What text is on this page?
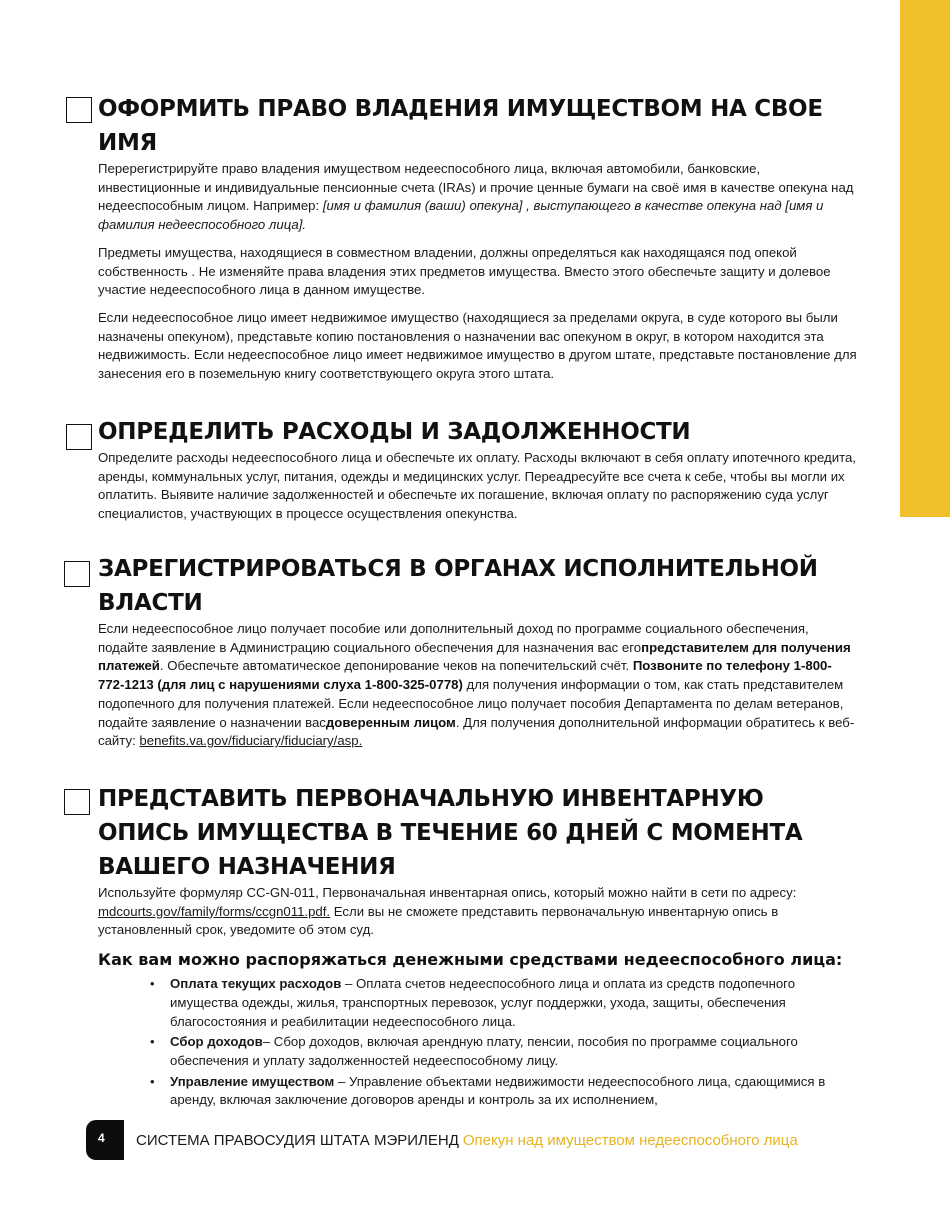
ОФОРМИТЬ ПРАВО ВЛАДЕНИЯ ИМУЩЕСТВОМ НА СВОЕ ИМЯ

Перерегистрируйте право владения имуществом недееспособного лица, включая автомобили, банковские, инвестиционные и индивидуальные пенсионные счета (IRAs) и прочие ценные бумаги на своё имя в качестве опекуна над недееспособным лицом. Например: [имя и фамилия (ваши) опекуна] , выступающего в качестве опекуна над [имя и фамилия недееспособного лица].

Предметы имущества, находящиеся в совместном владении, должны определяться как находящаяся под опекой собственность . Не изменяйте права владения этих предметов имущества. Вместо этого обеспечьте защиту и долевое участие недееспособного лица в данном имуществе.

Если недееспособное лицо имеет недвижимое имущество (находящиеся за пределами округа, в суде которого вы были назначены опекуном), представьте копию постановления о назначении вас опекуном в округ, в котором находится эта недвижимость. Если недееспособное лицо имеет недвижимое имущество в другом штате, представьте постановление для занесения его в поземельную книгу соответствующего округа этого штата.

ОПРЕДЕЛИТЬ РАСХОДЫ И ЗАДОЛЖЕННОСТИ

Определите расходы недееспособного лица и обеспечьте их оплату. Расходы включают в себя оплату ипотечного кредита, аренды, коммунальных услуг, питания, одежды и медицинских услуг. Переадресуйте все счета к себе, чтобы вы могли их оплатить. Выявите наличие задолженностей и обеспечьте их погашение, включая оплату по распоряжению суда услуг специалистов, участвующих в процессе осуществления опекунства.

ЗАРЕГИСТРИРОВАТЬСЯ В ОРГАНАХ ИСПОЛНИТЕЛЬНОЙ ВЛАСТИ

Если недееспособное лицо получает пособие или дополнительный доход по программе социального обеспечения, подайте заявление в Администрацию социального обеспечения для назначения вас егопредставителем для получения платежей. Обеспечьте автоматическое депонирование чеков на попечительский счёт. Позвоните по телефону 1-800-772-1213 (для лиц с нарушениями слуха 1-800-325-0778) для получения информации о том, как стать представителем подопечного для получения платежей. Если недееспособное лицо получает пособия Департамента по делам ветеранов, подайте заявление о назначении васдоверенным лицом. Для получения дополнительной информации обратитесь к веб-сайту: benefits.va.gov/fiduciary/fiduciary/asp.

ПРЕДСТАВИТЬ ПЕРВОНАЧАЛЬНУЮ ИНВЕНТАРНУЮ ОПИСЬ ИМУЩЕСТВА В ТЕЧЕНИЕ 60 ДНЕЙ С МОМЕНТА ВАШЕГО НАЗНАЧЕНИЯ

Используйте формуляр CC-GN-011, Первоначальная инвентарная опись, который можно найти в сети по адресу: mdcourts.gov/family/forms/ccgn011.pdf. Если вы не сможете представить первоначальную инвентарную опись в установленный срок, уведомите об этом суд.

Как вам можно распоряжаться денежными средствами недееспособного лица:
• Оплата текущих расходов – Оплата счетов недееспособного лица и оплата из средств подопечного имущества одежды, жилья, транспортных перевозок, услуг поддержки, ухода, защиты, обеспечения благосостояния и реабилитации недееспособного лица.
• Сбор доходов– Сбор доходов, включая арендную плату, пенсии, пособия по программе социального обеспечения и уплату задолженностей недееспособному лицу.
• Управление имуществом – Управление объектами недвижимости недееспособного лица, сдающимися в аренду, включая заключение договоров аренды и контроль за их исполнением,
4	СИСТЕМА ПРАВОСУДИЯ ШТАТА МЭРИЛЕНД Опекун над имуществом недееспособного лица
